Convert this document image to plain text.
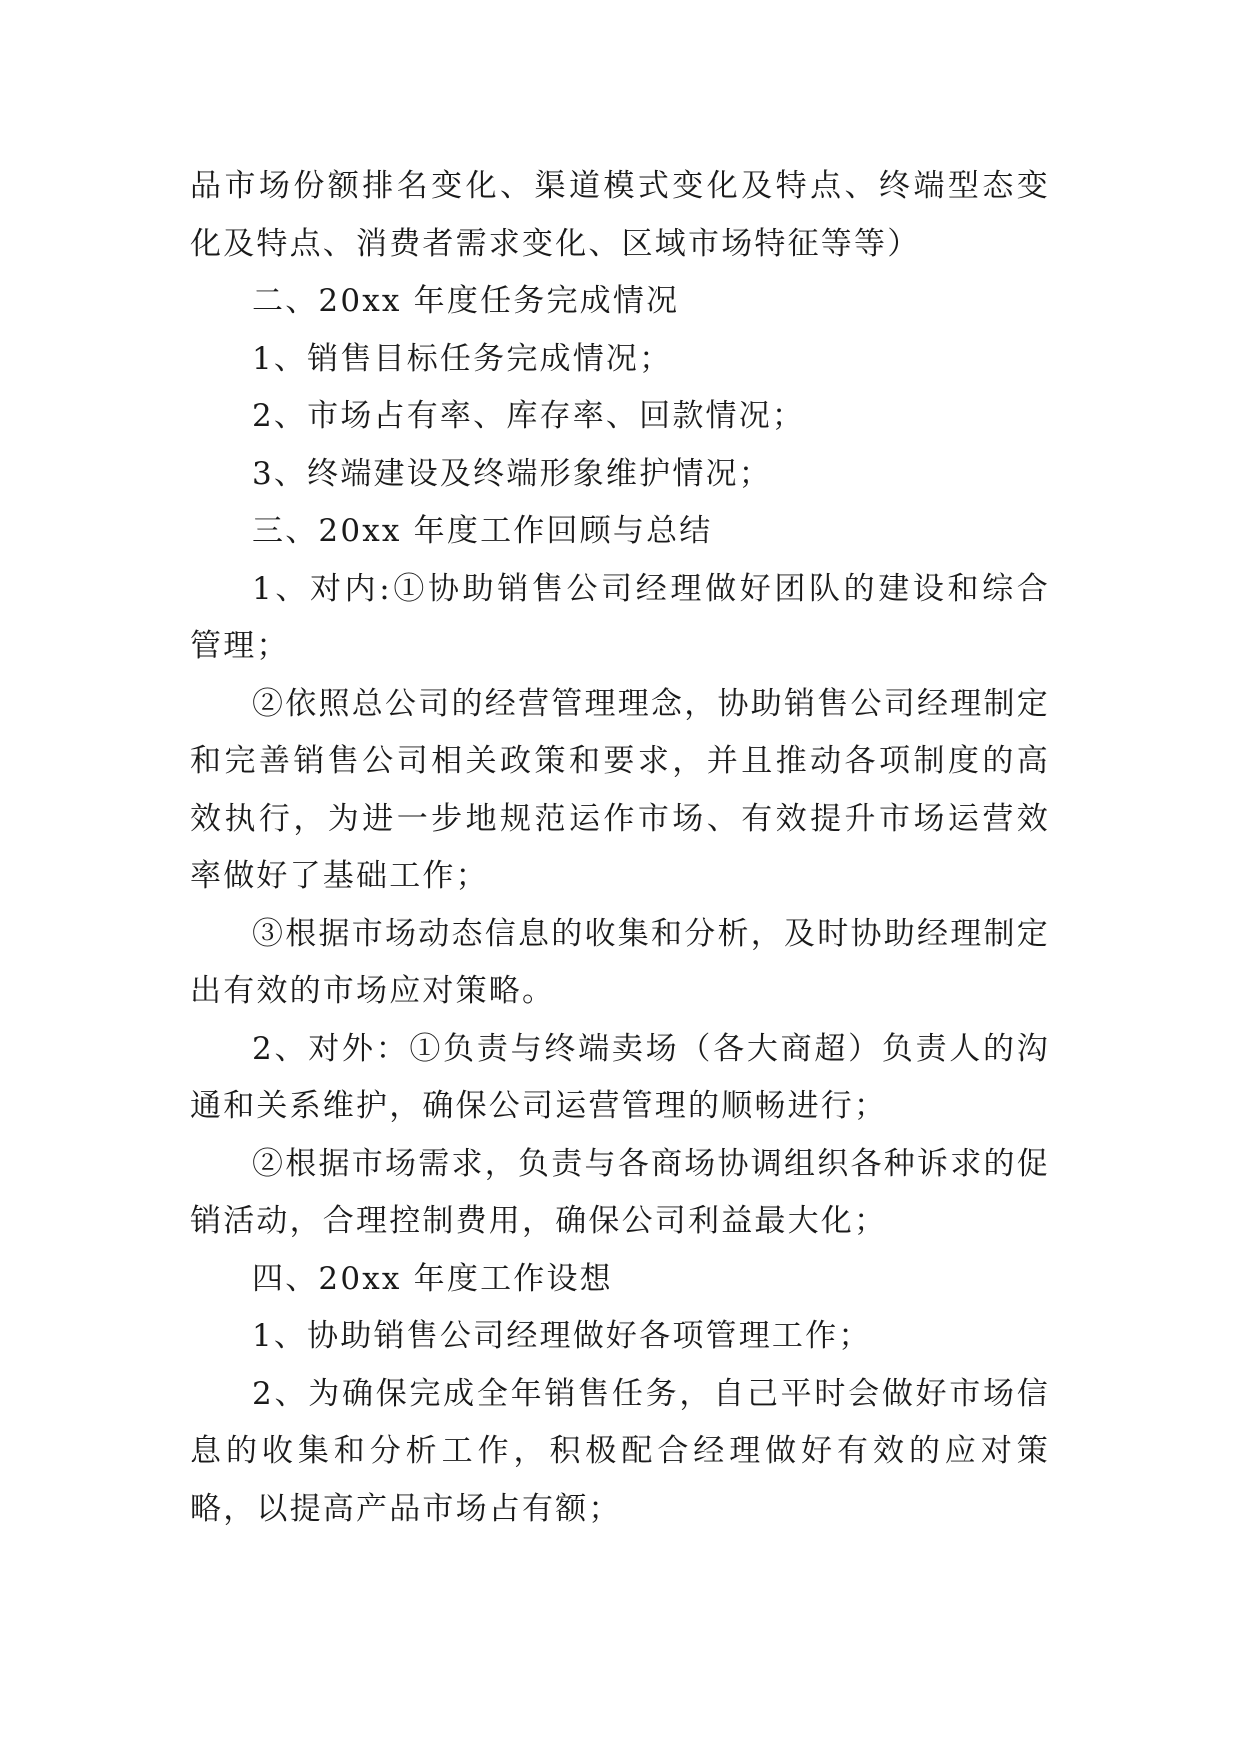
品市场份额排名变化、渠道模式变化及特点、终端型态变化及特点、消费者需求变化、区域市场特征等等）

二、20xx 年度任务完成情况

1、销售目标任务完成情况；

2、市场占有率、库存率、回款情况；

3、终端建设及终端形象维护情况；

三、20xx 年度工作回顾与总结

1、对内:①协助销售公司经理做好团队的建设和综合管理；

②依照总公司的经营管理理念，协助销售公司经理制定和完善销售公司相关政策和要求，并且推动各项制度的高效执行，为进一步地规范运作市场、有效提升市场运营效率做好了基础工作；

③根据市场动态信息的收集和分析，及时协助经理制定出有效的市场应对策略。

2、对外：①负责与终端卖场（各大商超）负责人的沟通和关系维护，确保公司运营管理的顺畅进行；

②根据市场需求，负责与各商场协调组织各种诉求的促销活动，合理控制费用，确保公司利益最大化；

四、20xx 年度工作设想

1、协助销售公司经理做好各项管理工作；

2、为确保完成全年销售任务，自己平时会做好市场信息的收集和分析工作，积极配合经理做好有效的应对策略，以提高产品市场占有额；
